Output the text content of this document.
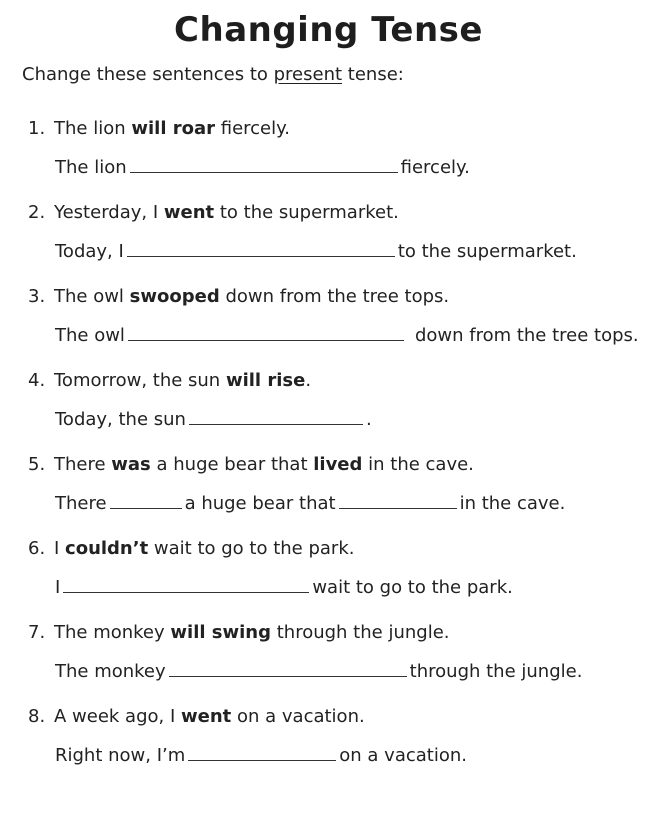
Changing Tense
Change these sentences to present tense:
1. The lion will roar fiercely.
The lion	fiercely.
2. Yesterday, I went to the supermarket.
Today, I	to the supermarket.
3. The owl swooped down from the tree tops.
The owl	down from the tree tops.
4. Tomorrow, the sun will rise.
Today, the sun	.
5. There was a huge bear that lived in the cave.
There	a huge bear that	in the cave.
6. I couldn’t wait to go to the park.
I	wait to go to the park.
7. The monkey will swing through the jungle.
The monkey	through the jungle.
8. A week ago, I went on a vacation.
Right now, I’m	on a vacation.
